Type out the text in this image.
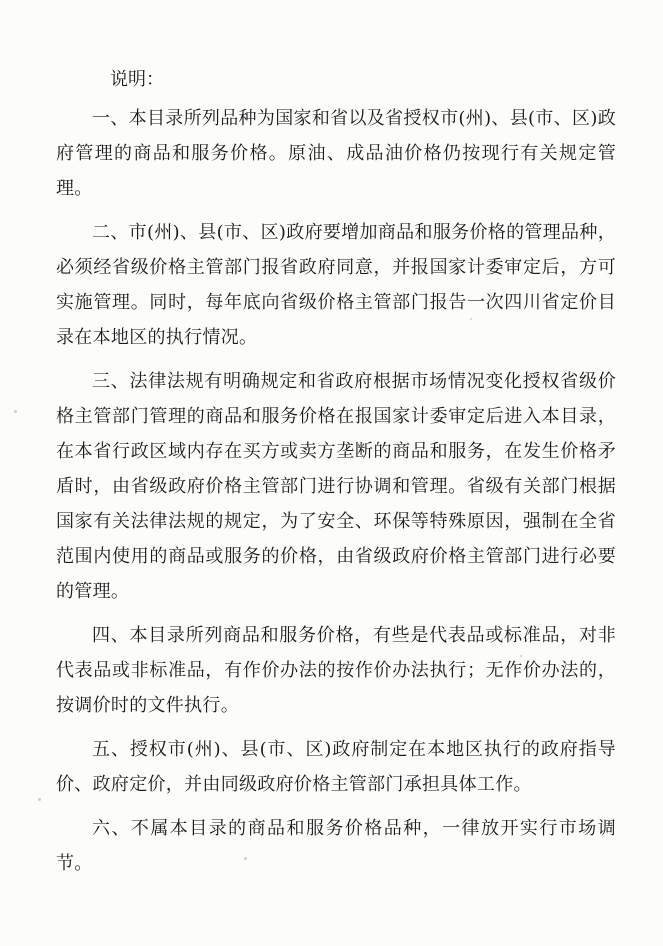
说明：

一、本目录所列品种为国家和省以及省授权市(州)、县(市、区)政府管理的商品和服务价格。原油、成品油价格仍按现行有关规定管理。

二、市(州)、县(市、区)政府要增加商品和服务价格的管理品种，必须经省级价格主管部门报省政府同意，并报国家计委审定后，方可实施管理。同时，每年底向省级价格主管部门报告一次四川省定价目录在本地区的执行情况。

三、法律法规有明确规定和省政府根据市场情况变化授权省级价格主管部门管理的商品和服务价格在报国家计委审定后进入本目录，在本省行政区域内存在买方或卖方垄断的商品和服务，在发生价格矛盾时，由省级政府价格主管部门进行协调和管理。省级有关部门根据国家有关法律法规的规定，为了安全、环保等特殊原因，强制在全省范围内使用的商品或服务的价格，由省级政府价格主管部门进行必要的管理。

四、本目录所列商品和服务价格，有些是代表品或标准品，对非代表品或非标准品，有作价办法的按作价办法执行；无作价办法的，按调价时的文件执行。

五、授权市(州)、县(市、区)政府制定在本地区执行的政府指导价、政府定价，并由同级政府价格主管部门承担具体工作。

六、不属本目录的商品和服务价格品种，一律放开实行市场调节。
